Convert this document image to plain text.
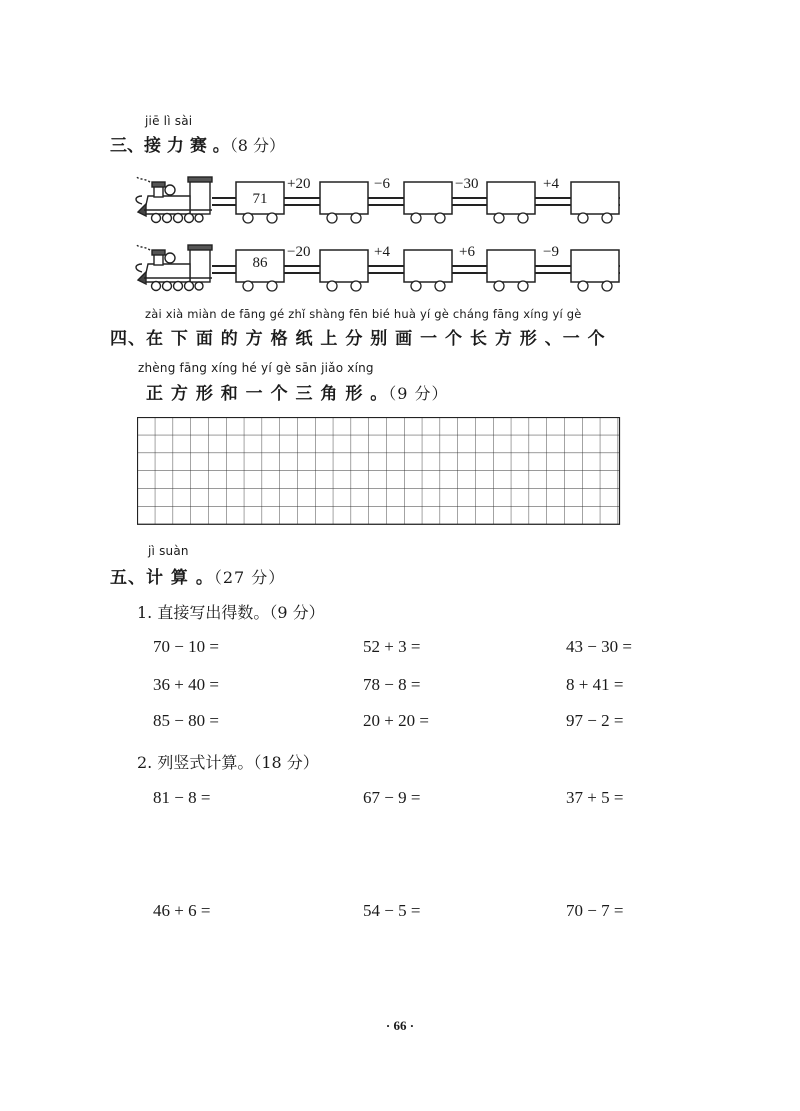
jiē lì sài
三、接 力 赛 。（8 分）
71
+20	−6	−30	+4
86
−20	+4	+6	−9
zài xià miàn de fāng gé zhǐ shàng fēn bié huà yí gè cháng fāng xíng yí gè
四、在 下 面 的 方 格 纸 上 分 别 画 一 个 长 方 形 、一 个
zhèng fāng xíng hé yí gè sān jiǎo xíng
正 方 形 和 一 个 三 角 形 。（9 分）
jì suàn
五、计 算 。（27 分）
1. 直接写出得数。（9 分）
70 − 10 =	52 + 3 =	43 − 30 =
36 + 40 =	78 − 8 =	8 + 41 =
85 − 80 =	20 + 20 =	97 − 2 =
2. 列竖式计算。（18 分）
81 − 8 =	67 − 9 =	37 + 5 =
46 + 6 =	54 − 5 =	70 − 7 =
· 66 ·
